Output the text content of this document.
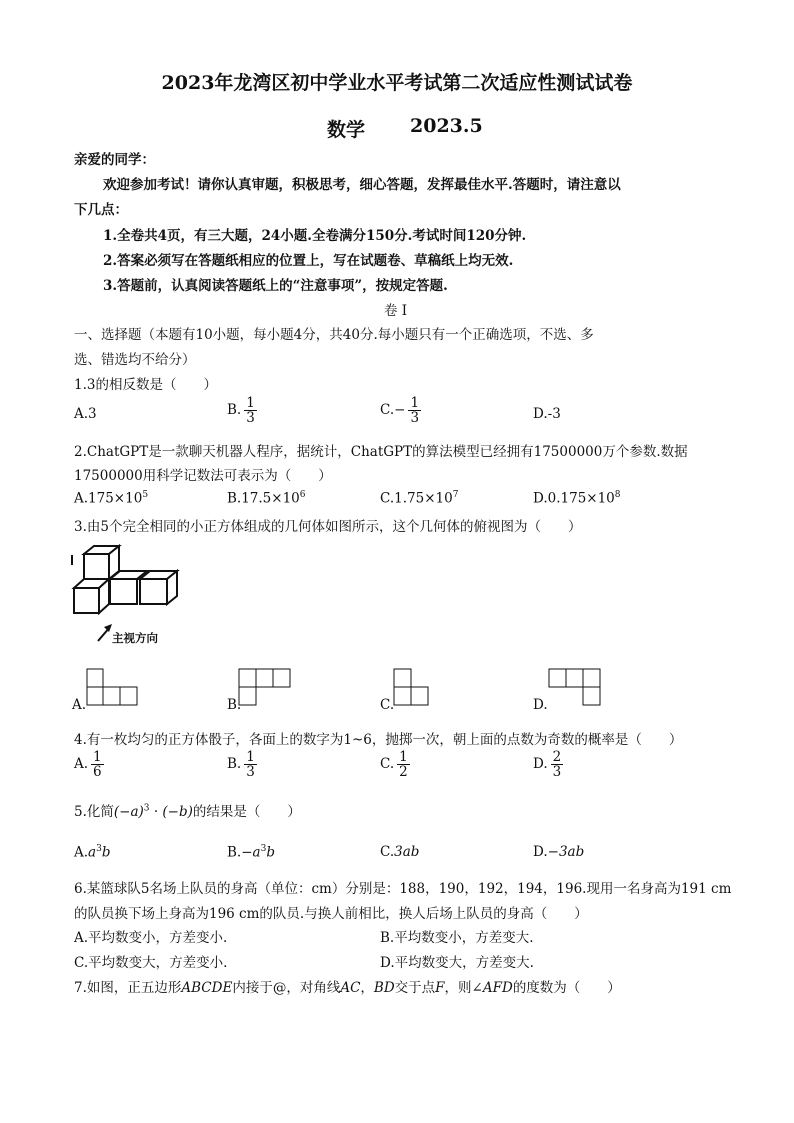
2023年龙湾区初中学业水平考试第二次适应性测试试卷
数学 2023.5
亲爱的同学：
欢迎参加考试！请你认真审题，积极思考，细心答题，发挥最佳水平.答题时，请注意以
下几点：
1.全卷共4页，有三大题，24小题.全卷满分150分.考试时间120分钟.
2.答案必须写在答题纸相应的位置上，写在试题卷、草稿纸上均无效.
3.答题前，认真阅读答题纸上的“注意事项”，按规定答题.
卷 I
一、选择题（本题有10小题，每小题4分，共40分.每小题只有一个正确选项，不选、多
选、错选均不给分）
1.3的相反数是（　　）
A.3	B. $\frac{1}{3}$	$C.- \frac{1}{3}$	D.-3
2.ChatGPT是一款聊天机器人程序，据统计，ChatGPT的算法模型已经拥有17500000万个参数.数据
17500000用科学记数法可表示为（　　）
$A.175\times 10^5$	$B.17.5\times 10^6$	$C.1.75\times 10^7$	$D.0.175\times 10^8$
3.由5个完全相同的小正方体组成的几何体如图所示，这个几何体的俯视图为（　　）
主视方向
A.	B.	C.	D.
4.有一枚均匀的正方体骰子，各面上的数字为1~6，抛掷一次，朝上面的点数为奇数的概率是（　　）
A. $\frac{1}{6}$	B. $\frac{1}{3}$	C. $\frac{1}{2}$	D. $\frac{2}{3}$
5.化简$(-a)^3 \cdot (-b)$的结果是（　　）
$A.a^3b$	$B.-a^3b$	C.3ab	D.−3ab
6.某篮球队5名场上队员的身高（单位：cm）分别是：188，190，192，194，196.现用一名身高为191 cm
的队员换下场上身高为196 cm的队员.与换人前相比，换人后场上队员的身高（　　）
A.平均数变小，方差变小.	B.平均数变小，方差变大.
C.平均数变大，方差变小.	D.平均数变大，方差变大.
7.如图，正五边形ABCDE内接于@，对角线AC，BD交于点F，则∠AFD的度数为（　　）
